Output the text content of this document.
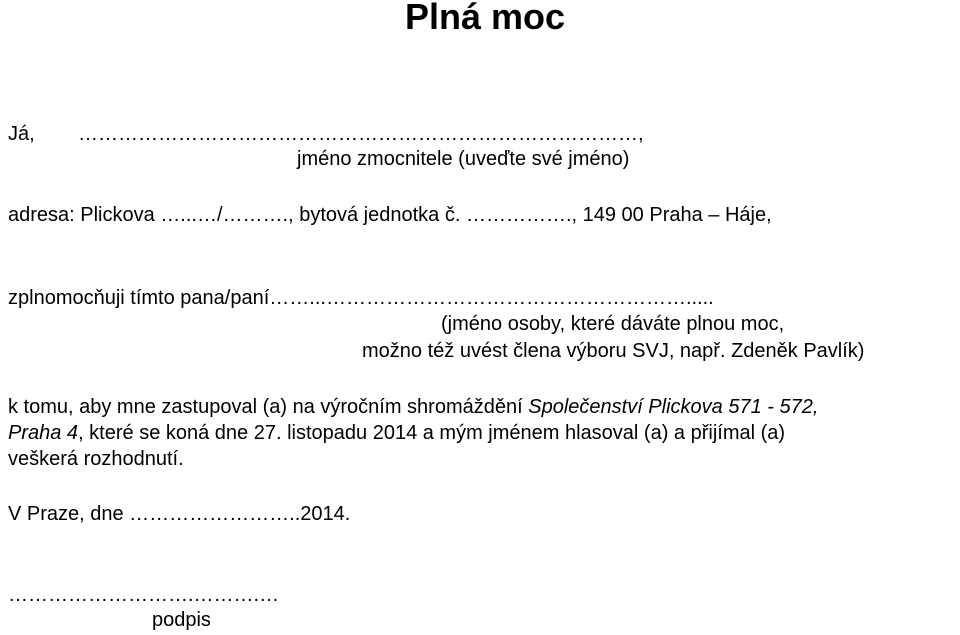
Plná moc
Já, …………………………………………………………………………,
jméno zmocnitele (uveďte své jméno)
adresa: Plickova …...…/………., bytová jednotka č. ……………., 149 00 Praha – Háje,
zplnomocňuji tímto pana/paní……...……………………………………………….....
(jméno osoby, které dáváte plnou moc,
možno též uvést člena výboru SVJ, např. Zdeněk Pavlík)
k tomu, aby mne zastupoval (a) na výročním shromáždění Společenství Plickova 571 - 572,
Praha 4, které se koná dne 27. listopadu 2014 a mým jménem hlasoval (a) a přijímal (a)
veškerá rozhodnutí.
V Praze, dne ……………………..2014.
……………………….……….…
podpis
